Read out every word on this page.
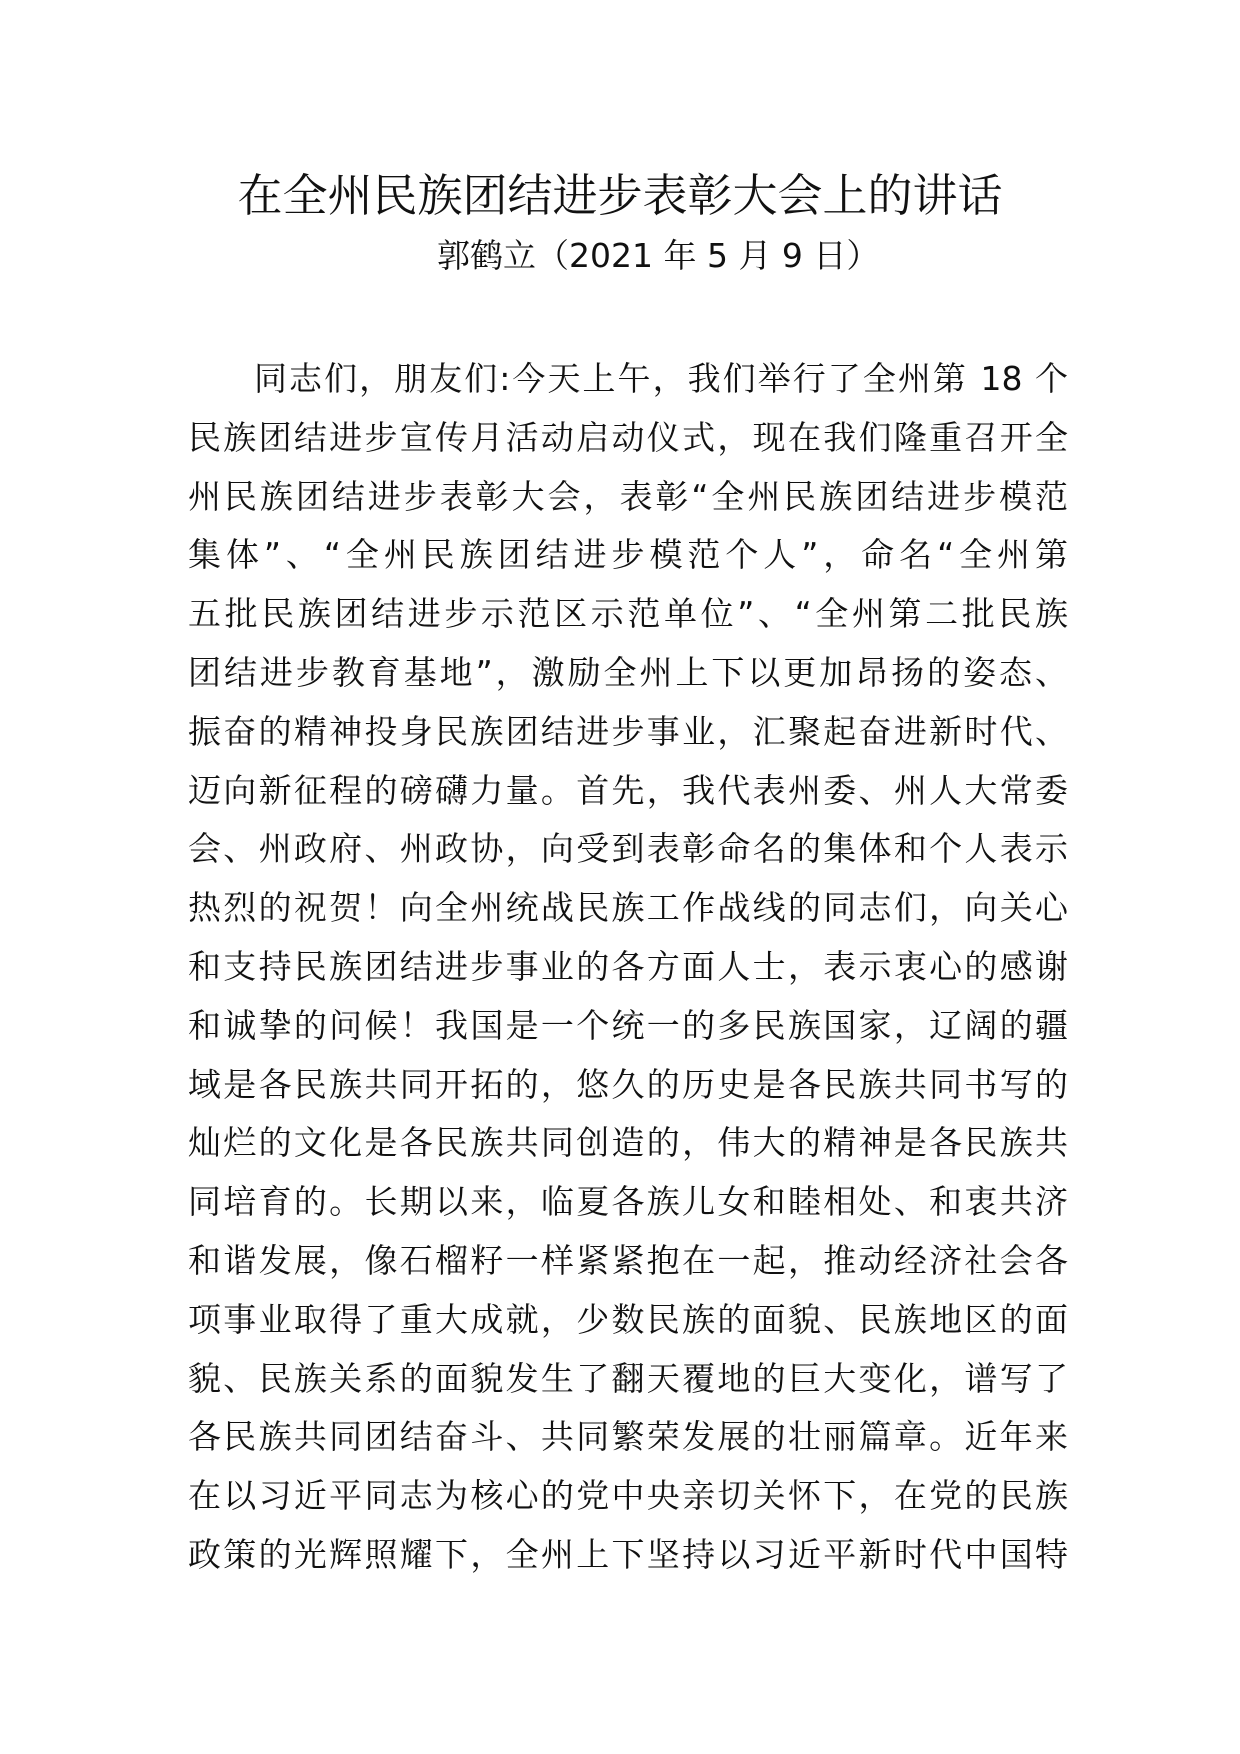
在全州民族团结进步表彰大会上的讲话
郭鹤立（2021 年 5 月 9 日）
同志们，朋友们:今天上午，我们举行了全州第 18 个
民族团结进步宣传月活动启动仪式，现在我们隆重召开全
州民族团结进步表彰大会，表彰“全州民族团结进步模范
集体”、“全州民族团结进步模范个人”，命名“全州第
五批民族团结进步示范区示范单位”、“全州第二批民族
团结进步教育基地”，激励全州上下以更加昂扬的姿态、
振奋的精神投身民族团结进步事业，汇聚起奋进新时代、
迈向新征程的磅礴力量。首先，我代表州委、州人大常委
会、州政府、州政协，向受到表彰命名的集体和个人表示
热烈的祝贺！向全州统战民族工作战线的同志们，向关心
和支持民族团结进步事业的各方面人士，表示衷心的感谢
和诚挚的问候！我国是一个统一的多民族国家，辽阔的疆
域是各民族共同开拓的，悠久的历史是各民族共同书写的
灿烂的文化是各民族共同创造的，伟大的精神是各民族共
同培育的。长期以来，临夏各族儿女和睦相处、和衷共济
和谐发展，像石榴籽一样紧紧抱在一起，推动经济社会各
项事业取得了重大成就，少数民族的面貌、民族地区的面
貌、民族关系的面貌发生了翻天覆地的巨大变化，谱写了
各民族共同团结奋斗、共同繁荣发展的壮丽篇章。近年来
在以习近平同志为核心的党中央亲切关怀下，在党的民族
政策的光辉照耀下，全州上下坚持以习近平新时代中国特
